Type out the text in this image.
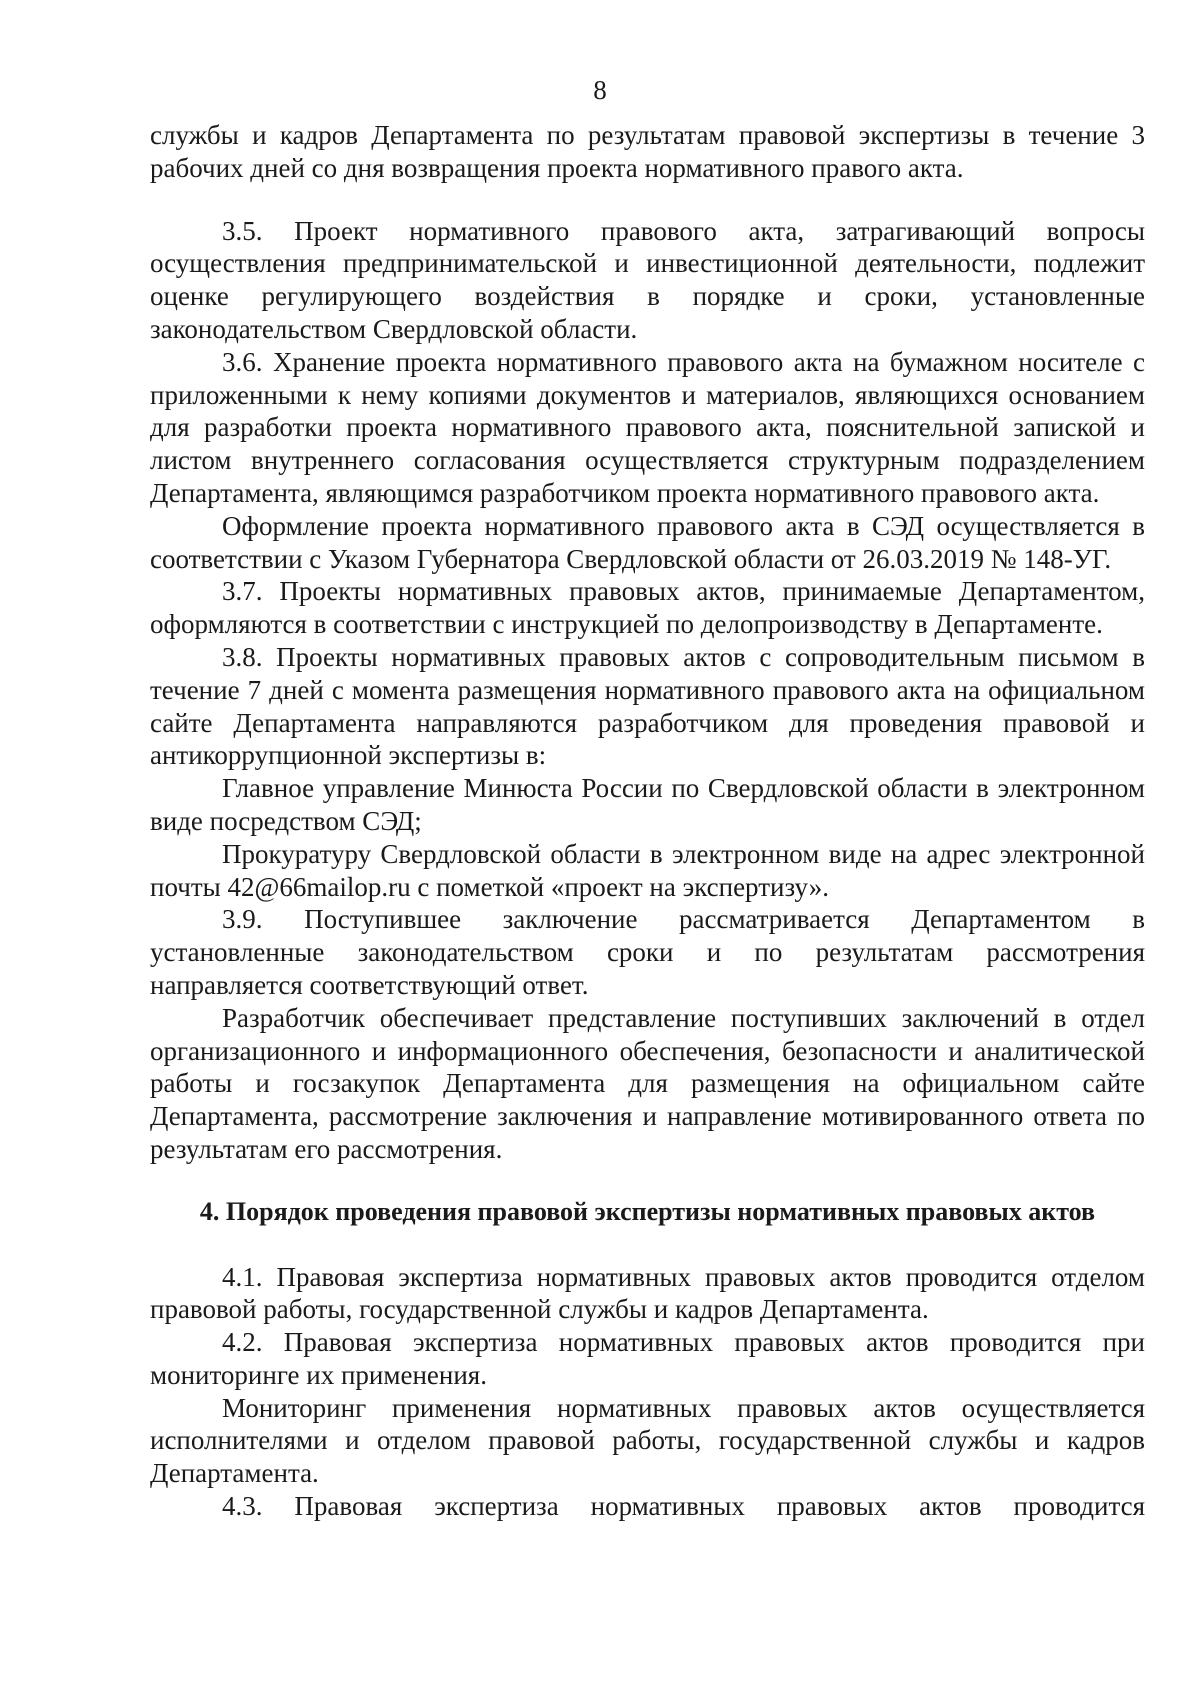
8

службы и кадров Департамента по результатам правовой экспертизы в течение 3 рабочих дней со дня возвращения проекта нормативного правого акта.

3.5. Проект нормативного правового акта, затрагивающий вопросы осуществления предпринимательской и инвестиционной деятельности, подлежит оценке регулирующего воздействия в порядке и сроки, установленные законодательством Свердловской области.

3.6. Хранение проекта нормативного правового акта на бумажном носителе с приложенными к нему копиями документов и материалов, являющихся основанием для разработки проекта нормативного правового акта, пояснительной запиской и листом внутреннего согласования осуществляется структурным подразделением Департамента, являющимся разработчиком проекта нормативного правового акта.

Оформление проекта нормативного правового акта в СЭД осуществляется в соответствии с Указом Губернатора Свердловской области от 26.03.2019 № 148-УГ.

3.7. Проекты нормативных правовых актов, принимаемые Департаментом, оформляются в соответствии с инструкцией по делопроизводству в Департаменте.

3.8. Проекты нормативных правовых актов с сопроводительным письмом в течение 7 дней с момента размещения нормативного правового акта на официальном сайте Департамента направляются разработчиком для проведения правовой и антикоррупционной экспертизы в:

Главное управление Минюста России по Свердловской области в электронном виде посредством СЭД;

Прокуратуру Свердловской области в электронном виде на адрес электронной почты 42@66mailop.ru с пометкой «проект на экспертизу».

3.9. Поступившее заключение рассматривается Департаментом в установленные законодательством сроки и по результатам рассмотрения направляется соответствующий ответ.

Разработчик обеспечивает представление поступивших заключений в отдел организационного и информационного обеспечения, безопасности и аналитической работы и госзакупок Департамента для размещения на официальном сайте Департамента, рассмотрение заключения и направление мотивированного ответа по результатам его рассмотрения.

4. Порядок проведения правовой экспертизы нормативных правовых актов

4.1. Правовая экспертиза нормативных правовых актов проводится отделом правовой работы, государственной службы и кадров Департамента.

4.2. Правовая экспертиза нормативных правовых актов проводится при мониторинге их применения.

Мониторинг применения нормативных правовых актов осуществляется исполнителями и отделом правовой работы, государственной службы и кадров Департамента.

4.3. Правовая экспертиза нормативных правовых актов проводится
